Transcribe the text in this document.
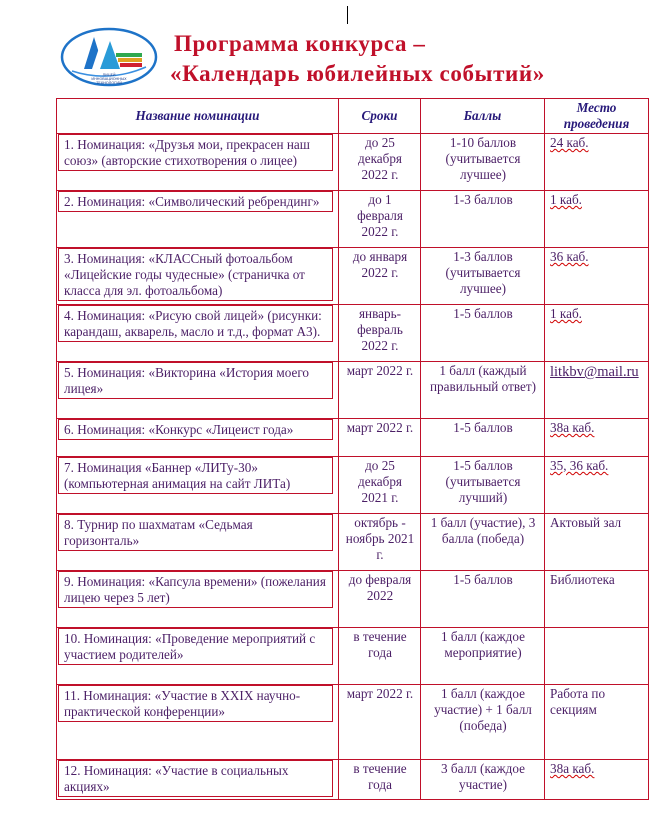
ЛИЦЕЙ
ИННОВАЦИОННЫХ
ТЕХНОЛОГИЙ
Программа конкурса –
«Календарь юбилейных событий»
Название номинации	Сроки	Баллы	Место проведения

1. Номинация: «Друзья мои, прекрасен наш союз» (авторские стихотворения о лицее)	до 25 декабря 2022 г.	1-10 баллов (учитывается лучшее)	24 каб.

2. Номинация: «Символический ребрендинг»	до 1 февраля 2022 г.	1-3 баллов	1 каб.

3. Номинация: «КЛАССный фотоальбом «Лицейские годы чудесные» (страничка от класса для эл. фотоальбома)	до января 2022 г.	1-3 баллов (учитывается лучшее)	36 каб.

4. Номинация: «Рисую свой лицей» (рисунки: карандаш, акварель, масло и т.д., формат А3).	январь-февраль 2022 г.	1-5 баллов	1 каб.

5. Номинация: «Викторина «История моего лицея»	март 2022 г.	1 балл (каждый правильный ответ)	litkbv@mail.ru

6. Номинация: «Конкурс «Лицеист года»	март 2022 г.	1-5 баллов	38а каб.

7. Номинация «Баннер «ЛИТу-30» (компьютерная анимация на сайт ЛИТа)	до 25 декабря 2021 г.	1-5 баллов (учитывается лучший)	35, 36 каб.

8. Турнир по шахматам «Седьмая горизонталь»	октябрь - ноябрь 2021 г.	1 балл (участие), 3 балла (победа)	Актовый зал

9. Номинация: «Капсула времени» (пожелания лицею через 5 лет)	до февраля 2022	1-5 баллов	Библиотека

10. Номинация: «Проведение мероприятий с участием родителей»	в течение года	1 балл (каждое мероприятие)	

11. Номинация: «Участие в XXIX научно-практической конференции»	март 2022 г.	1 балл (каждое участие) + 1 балл (победа)	Работа по секциям

12. Номинация: «Участие в социальных акциях»	в течение года	3 балл (каждое участие)	38а каб.
